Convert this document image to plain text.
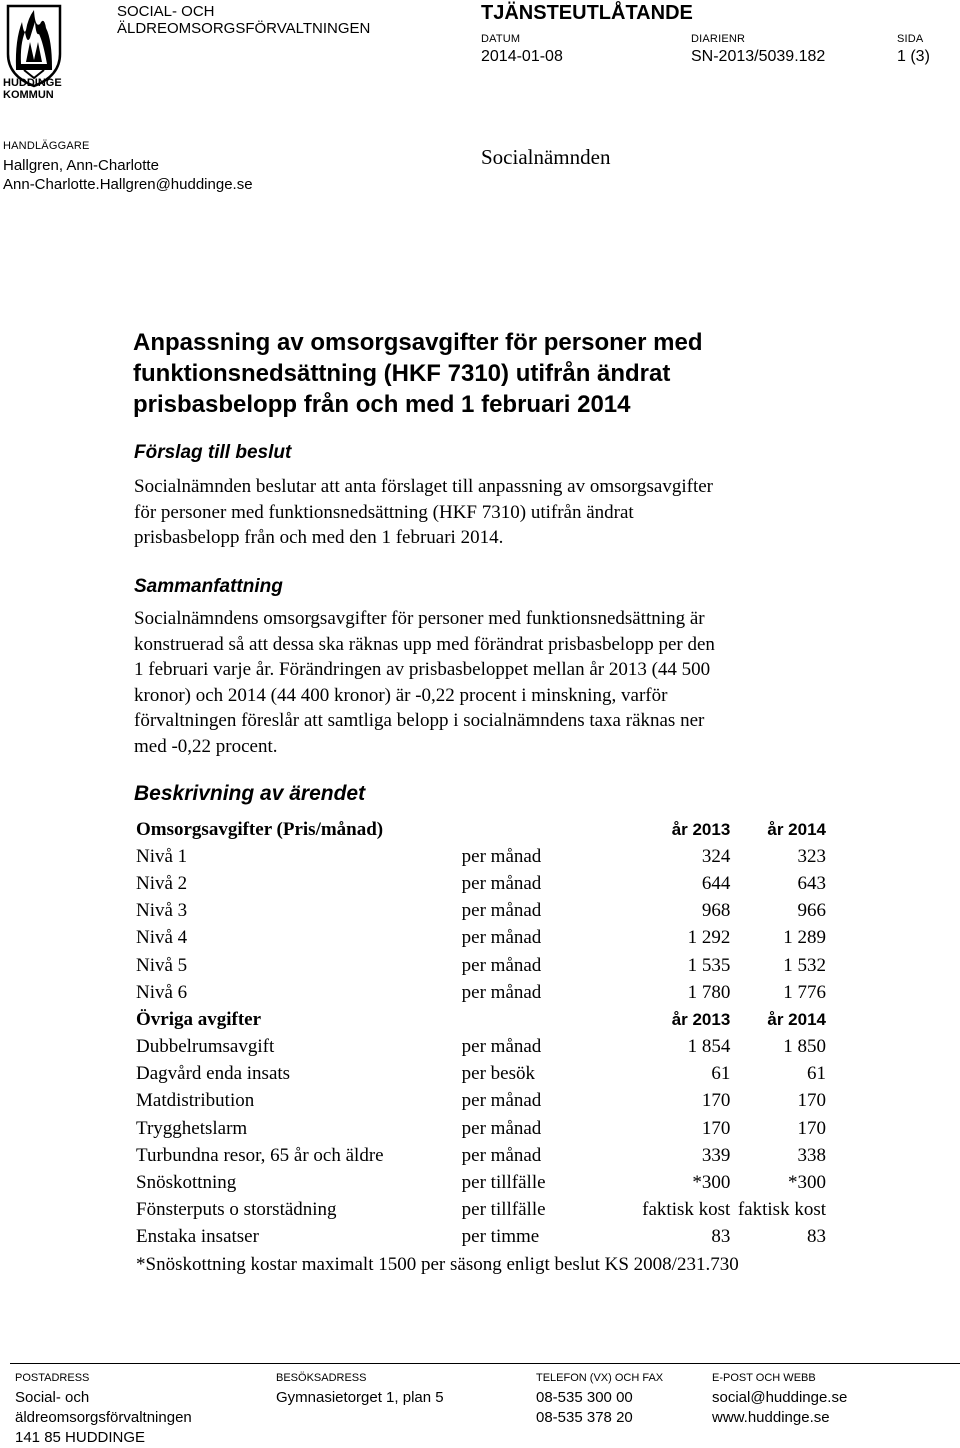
HUDDINGE
KOMMUN
SOCIAL- OCH
ÄLDREOMSORGSFÖRVALTNINGEN
TJÄNSTEUTLÅTANDE
DATUM
2014-01-08
DIARIENR
SN-2013/5039.182
SIDA
1 (3)
HANDLÄGGARE
Hallgren, Ann-Charlotte
Ann-Charlotte.Hallgren@huddinge.se
Socialnämnden
Anpassning av omsorgsavgifter för personer med
funktionsnedsättning (HKF 7310) utifrån ändrat
prisbasbelopp från och med 1 februari 2014
Förslag till beslut

Socialnämnden beslutar att anta förslaget till anpassning av omsorgsavgifter

för personer med funktionsnedsättning (HKF 7310) utifrån ändrat

prisbasbelopp från och med den 1 februari 2014.

Sammanfattning

Socialnämndens omsorgsavgifter för personer med funktionsnedsättning är

konstruerad så att dessa ska räknas upp med förändrat prisbasbelopp per den

1 februari varje år. Förändringen av prisbasbeloppet mellan år 2013 (44 500

kronor) och 2014 (44 400 kronor) är -0,22 procent i minskning, varför

förvaltningen föreslår att samtliga belopp i socialnämndens taxa räknas ner

med -0,22 procent.

Beskrivning av ärendet
Omsorgsavgifter (Pris/månad)		år 2013	år 2014
Nivå 1	per månad	324	323
Nivå 2	per månad	644	643
Nivå 3	per månad	968	966
Nivå 4	per månad	1 292	1 289
Nivå 5	per månad	1 535	1 532
Nivå 6	per månad	1 780	1 776
Övriga avgifter		år 2013	år 2014
Dubbelrumsavgift	per månad	1 854	1 850
Dagvård enda insats	per besök	61	61
Matdistribution	per månad	170	170
Trygghetslarm	per månad	170	170
Turbundna resor, 65 år och äldre	per månad	339	338
Snöskottning	per tillfälle	*300	*300
Fönsterputs o storstädning	per tillfälle	faktisk kost	faktisk kost
Enstaka insatser	per timme	83	83
*Snöskottning kostar maximalt 1500 per säsong enligt beslut KS 2008/231.730			
POSTADRESS
Social- och
äldreomsorgsförvaltningen
141 85 HUDDINGE
BESÖKSADRESS
Gymnasietorget 1, plan 5
TELEFON (VX) OCH FAX
08-535 300 00
08-535 378 20
E-POST OCH WEBB
social@huddinge.se
www.huddinge.se
